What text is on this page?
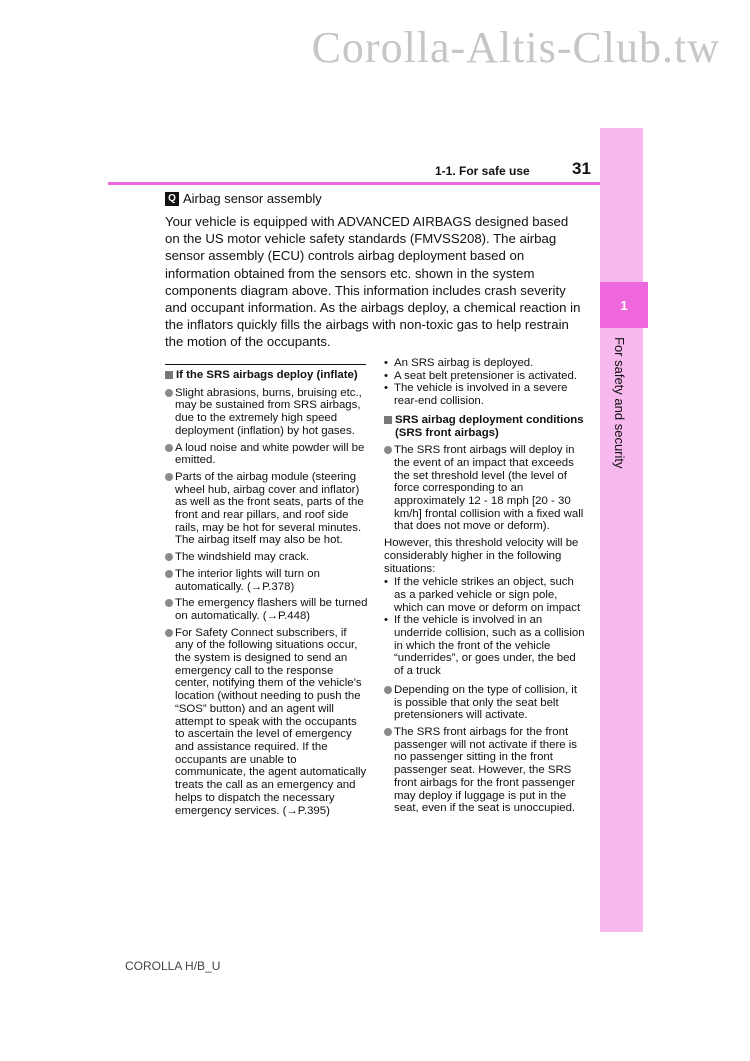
Corolla-Altis-Club.tw
1
For safety and security
1-1. For safe use 31
Q Airbag sensor assembly
Your vehicle is equipped with ADVANCED AIRBAGS designed based on the US motor vehicle safety standards (FMVSS208). The airbag sensor assembly (ECU) controls airbag deployment based on information obtained from the sensors etc. shown in the system components diagram above. This information includes crash severity and occupant information. As the airbags deploy, a chemical reaction in the inflators quickly fills the airbags with non-toxic gas to help restrain the motion of the occupants.
If the SRS airbags deploy (inflate)
Slight abrasions, burns, bruising etc., may be sustained from SRS airbags, due to the extremely high speed deployment (inflation) by hot gases.
A loud noise and white powder will be emitted.
Parts of the airbag module (steering wheel hub, airbag cover and inflator) as well as the front seats, parts of the front and rear pillars, and roof side rails, may be hot for several minutes. The airbag itself may also be hot.
The windshield may crack.
The interior lights will turn on automatically. (→P.378)
The emergency flashers will be turned on automatically. (→P.448)
For Safety Connect subscribers, if any of the following situations occur, the system is designed to send an emergency call to the response center, notifying them of the vehicle’s location (without needing to push the “SOS” button) and an agent will attempt to speak with the occupants to ascertain the level of emergency and assistance required. If the occupants are unable to communicate, the agent automatically treats the call as an emergency and helps to dispatch the necessary emergency services. (→P.395)
• An SRS airbag is deployed.
• A seat belt pretensioner is activated.
• The vehicle is involved in a severe rear-end collision.
SRS airbag deployment conditions (SRS front airbags)
The SRS front airbags will deploy in the event of an impact that exceeds the set threshold level (the level of force corresponding to an approximately 12 - 18 mph [20 - 30 km/h] frontal collision with a fixed wall that does not move or deform).
However, this threshold velocity will be considerably higher in the following situations:
• If the vehicle strikes an object, such as a parked vehicle or sign pole, which can move or deform on impact
• If the vehicle is involved in an underride collision, such as a collision in which the front of the vehicle “underrides”, or goes under, the bed of a truck
Depending on the type of collision, it is possible that only the seat belt pretensioners will activate.
The SRS front airbags for the front passenger will not activate if there is no passenger sitting in the front passenger seat. However, the SRS front airbags for the front passenger may deploy if luggage is put in the seat, even if the seat is unoccupied.
COROLLA H/B_U
